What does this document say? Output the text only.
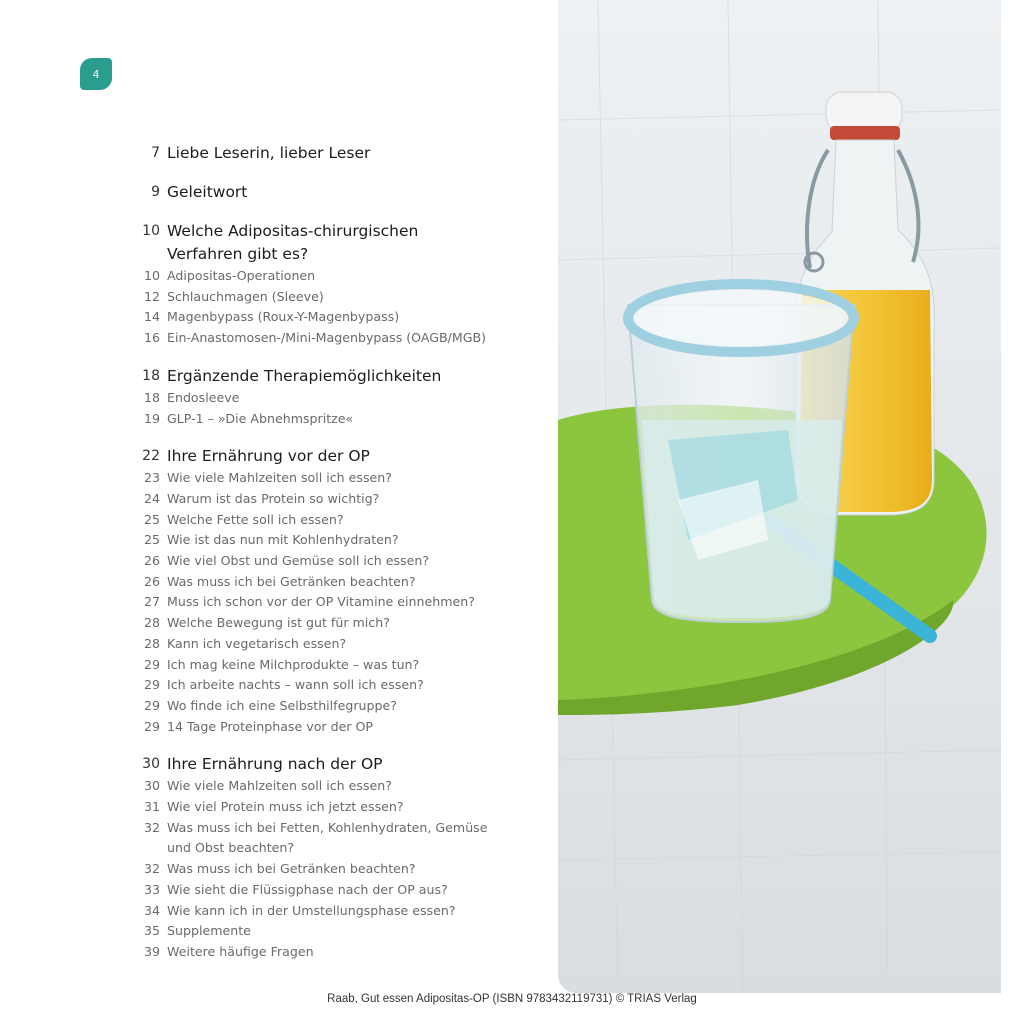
4
7 Liebe Leserin, lieber Leser
9 Geleitwort
10 Welche Adipositas-chirurgischen Verfahren gibt es?
10 Adipositas-Operationen
12 Schlauchmagen (Sleeve)
14 Magenbypass (Roux-Y-Magenbypass)
16 Ein-Anastomosen-/Mini-Magenbypass (OAGB/MGB)
18 Ergänzende Therapiemöglichkeiten
18 Endosleeve
19 GLP-1 – »Die Abnehmspritze«
22 Ihre Ernährung vor der OP
23 Wie viele Mahlzeiten soll ich essen?
24 Warum ist das Protein so wichtig?
25 Welche Fette soll ich essen?
25 Wie ist das nun mit Kohlenhydraten?
26 Wie viel Obst und Gemüse soll ich essen?
26 Was muss ich bei Getränken beachten?
27 Muss ich schon vor der OP Vitamine einnehmen?
28 Welche Bewegung ist gut für mich?
28 Kann ich vegetarisch essen?
29 Ich mag keine Milchprodukte – was tun?
29 Ich arbeite nachts – wann soll ich essen?
29 Wo finde ich eine Selbsthilfegruppe?
29 14 Tage Proteinphase vor der OP
30 Ihre Ernährung nach der OP
30 Wie viele Mahlzeiten soll ich essen?
31 Wie viel Protein muss ich jetzt essen?
32 Was muss ich bei Fetten, Kohlenhydraten, Gemüse und Obst beachten?
32 Was muss ich bei Getränken beachten?
33 Wie sieht die Flüssigphase nach der OP aus?
34 Wie kann ich in der Umstellungsphase essen?
35 Supplemente
39 Weitere häufige Fragen
Raab, Gut essen Adipositas-OP (ISBN 9783432119731) © TRIAS Verlag
